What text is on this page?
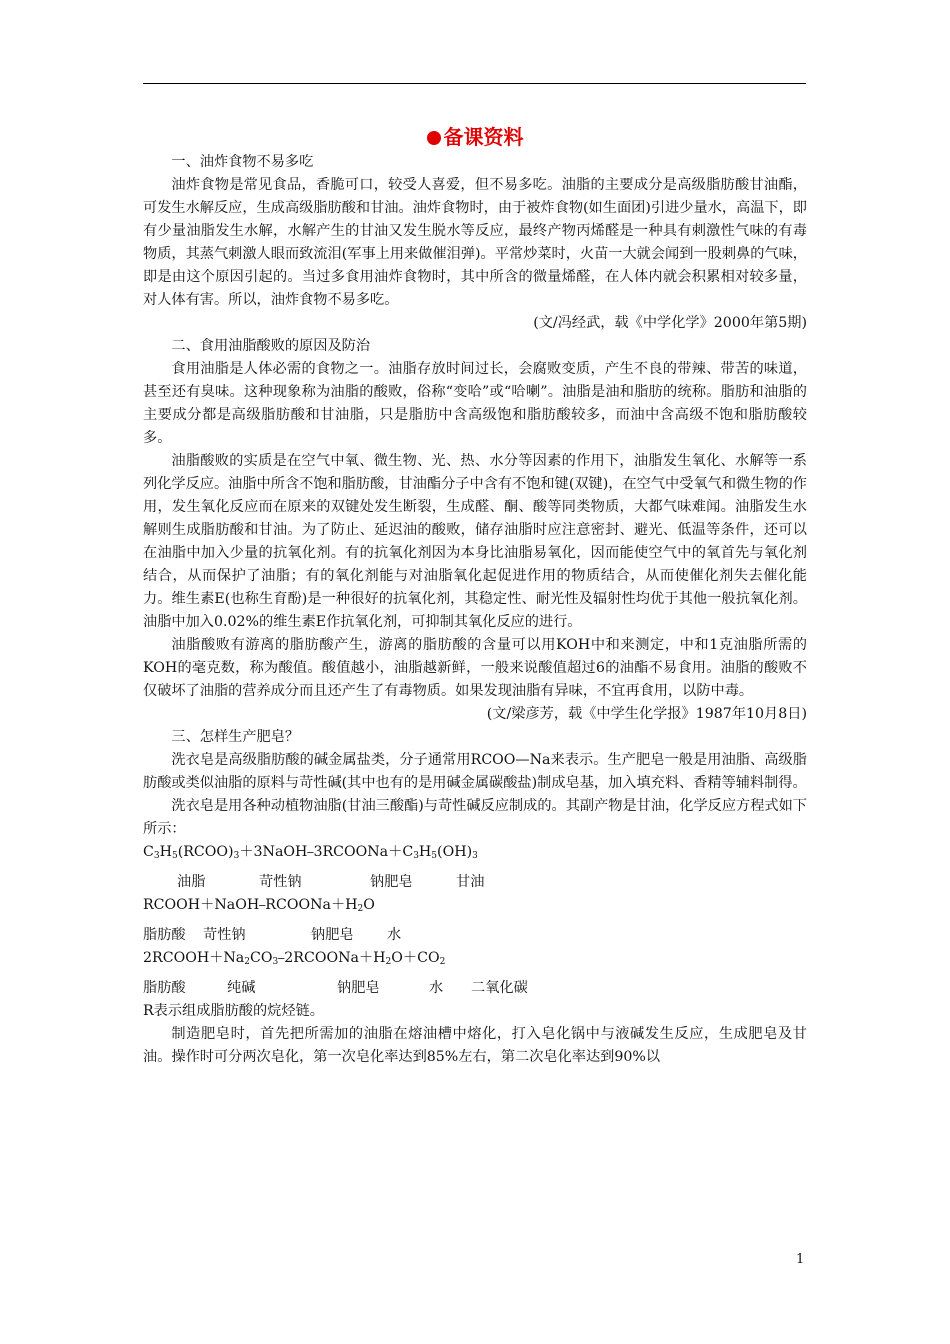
备课资料

一、油炸食物不易多吃

油炸食物是常见食品，香脆可口，较受人喜爱，但不易多吃。油脂的主要成分是高级脂肪酸甘油酯，可发生水解反应，生成高级脂肪酸和甘油。油炸食物时，由于被炸食物(如生面团)引进少量水，高温下，即有少量油脂发生水解，水解产生的甘油又发生脱水等反应，最终产物丙烯醛是一种具有刺激性气味的有毒物质，其蒸气刺激人眼而致流泪(军事上用来做催泪弹)。平常炒菜时，火苗一大就会闻到一股刺鼻的气味，即是由这个原因引起的。当过多食用油炸食物时，其中所含的微量烯醛，在人体内就会积累相对较多量，对人体有害。所以，油炸食物不易多吃。

(文/冯经武，载《中学化学》2000年第5期)

二、食用油脂酸败的原因及防治

食用油脂是人体必需的食物之一。油脂存放时间过长，会腐败变质，产生不良的带辣、带苦的味道，甚至还有臭味。这种现象称为油脂的酸败，俗称“变哈”或“哈喇”。油脂是油和脂肪的统称。脂肪和油脂的主要成分都是高级脂肪酸和甘油脂，只是脂肪中含高级饱和脂肪酸较多，而油中含高级不饱和脂肪酸较多。

油脂酸败的实质是在空气中氧、微生物、光、热、水分等因素的作用下，油脂发生氧化、水解等一系列化学反应。油脂中所含不饱和脂肪酸，甘油酯分子中含有不饱和键(双键)，在空气中受氧气和微生物的作用，发生氧化反应而在原来的双键处发生断裂，生成醛、酮、酸等同类物质，大都气味难闻。油脂发生水解则生成脂肪酸和甘油。为了防止、延迟油的酸败，储存油脂时应注意密封、避光、低温等条件，还可以在油脂中加入少量的抗氧化剂。有的抗氧化剂因为本身比油脂易氧化，因而能使空气中的氧首先与氧化剂结合，从而保护了油脂；有的氧化剂能与对油脂氧化起促进作用的物质结合，从而使催化剂失去催化能力。维生素E(也称生育酚)是一种很好的抗氧化剂，其稳定性、耐光性及辐射性均优于其他一般抗氧化剂。油脂中加入0.02%的维生素E作抗氧化剂，可抑制其氧化反应的进行。

油脂酸败有游离的脂肪酸产生，游离的脂肪酸的含量可以用KOH中和来测定，中和1克油脂所需的KOH的毫克数，称为酸值。酸值越小，油脂越新鲜，一般来说酸值超过6的油酯不易食用。油脂的酸败不仅破坏了油脂的营养成分而且还产生了有毒物质。如果发现油脂有异味，不宜再食用，以防中毒。

(文/梁彦芳，载《中学生化学报》1987年10月8日)

三、怎样生产肥皂？

洗衣皂是高级脂肪酸的碱金属盐类，分子通常用RCOO—Na来表示。生产肥皂一般是用油脂、高级脂肪酸或类似油脂的原料与苛性碱(其中也有的是用碱金属碳酸盐)制成皂基，加入填充料、香精等辅料制得。

洗衣皂是用各种动植物油脂(甘油三酸酯)与苛性碱反应制成的。其副产物是甘油，化学反应方程式如下所示：

$C_3H_5(RCOO)_3+3NaOH─3RCOONa+C_3H_5(OH)_3$

油脂	苛性钠	钠肥皂	甘油

$RCOOH+NaOH─RCOONa+H_2O$

脂肪酸 苛性钠	钠肥皂 水

$2RCOOH+Na_2CO_3─2RCOONa+H_2O+CO_2$

脂肪酸	纯碱	钠肥皂	水 二氧化碳

R表示组成脂肪酸的烷烃链。

制造肥皂时，首先把所需加的油脂在熔油槽中熔化，打入皂化锅中与液碱发生反应，生成肥皂及甘油。操作时可分两次皂化，第一次皂化率达到85%左右，第二次皂化率达到90%以

1
